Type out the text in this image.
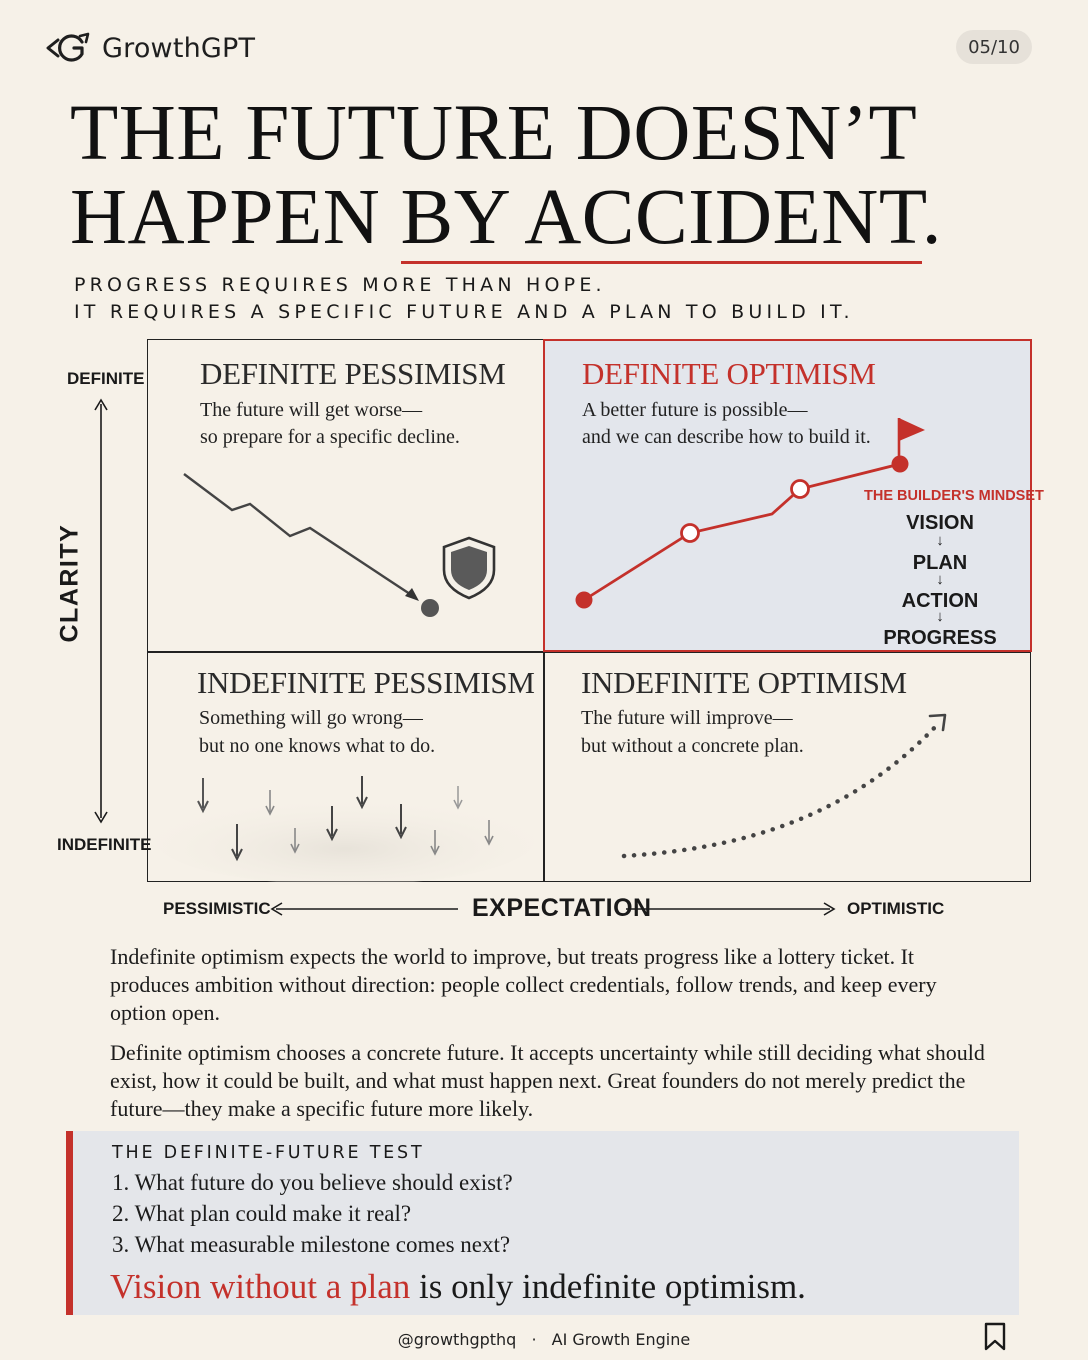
GrowthGPT	05/10
THE FUTURE DOESN’T
HAPPEN BY ACCIDENT.
PROGRESS REQUIRES MORE THAN HOPE.
IT REQUIRES A SPECIFIC FUTURE AND A PLAN TO BUILD IT.
DEFINITE PESSIMISM
The future will get worse—
so prepare for a specific decline.
DEFINITE OPTIMISM
A better future is possible—
and we can describe how to build it.
INDEFINITE PESSIMISM
Something will go wrong—
but no one knows what to do.
INDEFINITE OPTIMISM
The future will improve—
but without a concrete plan.
DEFINITE
INDEFINITE
CLARITY
PESSIMISTIC	OPTIMISTIC
EXPECTATION
THE BUILDER'S MINDSET
VISION
↓
PLAN
↓
ACTION
↓
PROGRESS
Indefinite optimism expects the world to improve, but treats progress like a lottery ticket. It produces ambition without direction: people collect credentials, follow trends, and keep every option open.
Definite optimism chooses a concrete future. It accepts uncertainty while still deciding what should exist, how it could be built, and what must happen next. Great founders do not merely predict the future—they make a specific future more likely.
THE DEFINITE-FUTURE TEST
1. What future do you believe should exist?
2. What plan could make it real?
3. What measurable milestone comes next?
Vision without a plan is only indefinite optimism.
@growthgpthq · AI Growth Engine
